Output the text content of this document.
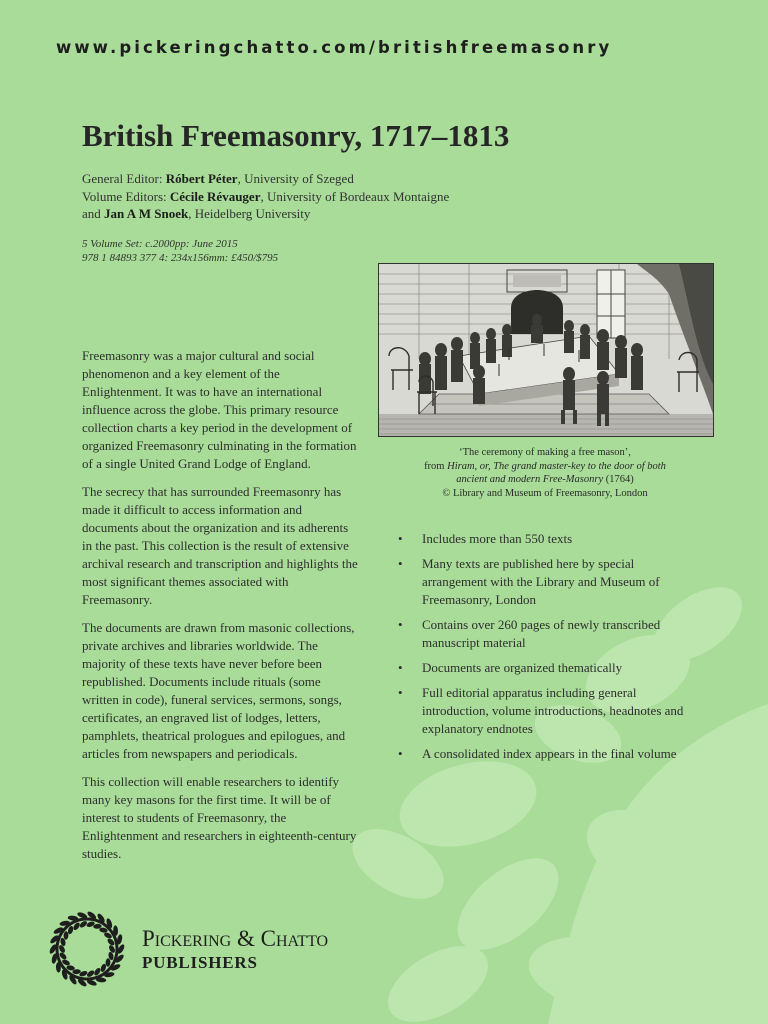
www.pickeringchatto.com/britishfreemasonry
British Freemasonry, 1717–1813
General Editor: Róbert Péter, University of Szeged
Volume Editors: Cécile Révauger, University of Bordeaux Montaigne
and Jan A M Snoek, Heidelberg University
5 Volume Set: c.2000pp: June 2015
978 1 84893 377 4: 234x156mm: £450/$795

Freemasonry was a major cultural and social phenomenon and a key element of the Enlightenment. It was to have an international influence across the globe. This primary resource collection charts a key period in the development of organized Freemasonry culminating in the formation of a single United Grand Lodge of England.

The secrecy that has surrounded Freemasonry has made it difficult to access information and documents about the organization and its adherents in the past. This collection is the result of extensive archival research and transcription and highlights the most significant themes associated with Freemasonry.

The documents are drawn from masonic collections, private archives and libraries worldwide. The majority of these texts have never before been republished. Documents include rituals (some written in code), funeral services, sermons, songs, certificates, an engraved list of lodges, letters, pamphlets, theatrical prologues and epilogues, and articles from newspapers and periodicals.

This collection will enable researchers to identify many key masons for the first time. It will be of interest to students of Freemasonry, the Enlightenment and researchers in eighteenth-century studies.

‘The ceremony of making a free mason’,
from Hiram, or, The grand master-key to the door of both
ancient and modern Free-Masonry (1764)
© Library and Museum of Freemasonry, London
• Includes more than 550 texts
• Many texts are published here by special arrangement with the Library and Museum of Freemasonry, London
• Contains over 260 pages of newly transcribed manuscript material
• Documents are organized thematically
• Full editorial apparatus including general introduction, volume introductions, headnotes and explanatory endnotes
• A consolidated index appears in the final volume
Pickering & Chatto
PUBLISHERS
